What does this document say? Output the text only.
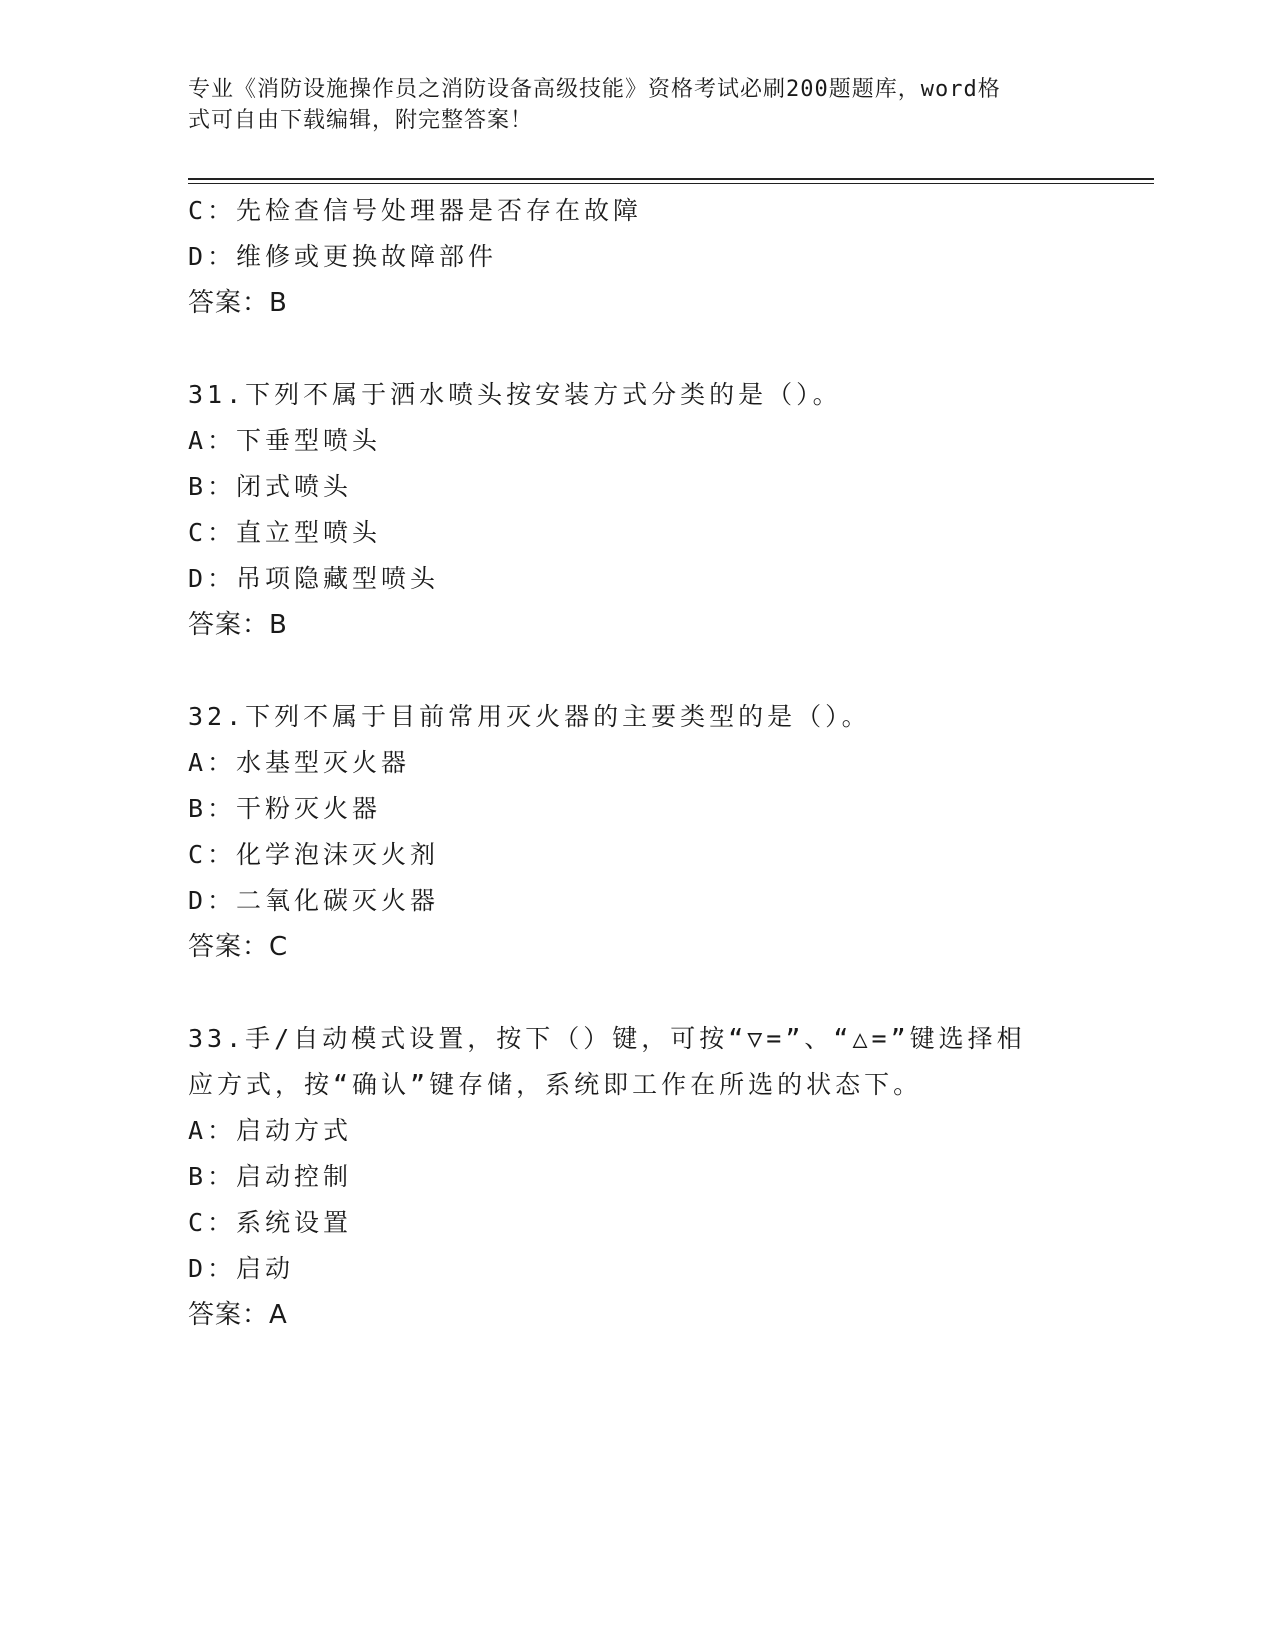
专业《消防设施操作员之消防设备高级技能》资格考试必刷200题题库，word格
式可自由下载编辑，附完整答案！
C：先检查信号处理器是否存在故障
D：维修或更换故障部件
答案：B
31.下列不属于洒水喷头按安装方式分类的是（）。
A：下垂型喷头
B：闭式喷头
C：直立型喷头
D：吊项隐藏型喷头
答案：B
32.下列不属于目前常用灭火器的主要类型的是（）。
A：水基型灭火器
B：干粉灭火器
C：化学泡沫灭火剂
D：二氧化碳灭火器
答案：C
33.手/自动模式设置，按下（）键，可按“▽=”、“△=”键选择相
应方式，按“确认”键存储，系统即工作在所选的状态下。
A：启动方式
B：启动控制
C：系统设置
D：启动
答案：A
